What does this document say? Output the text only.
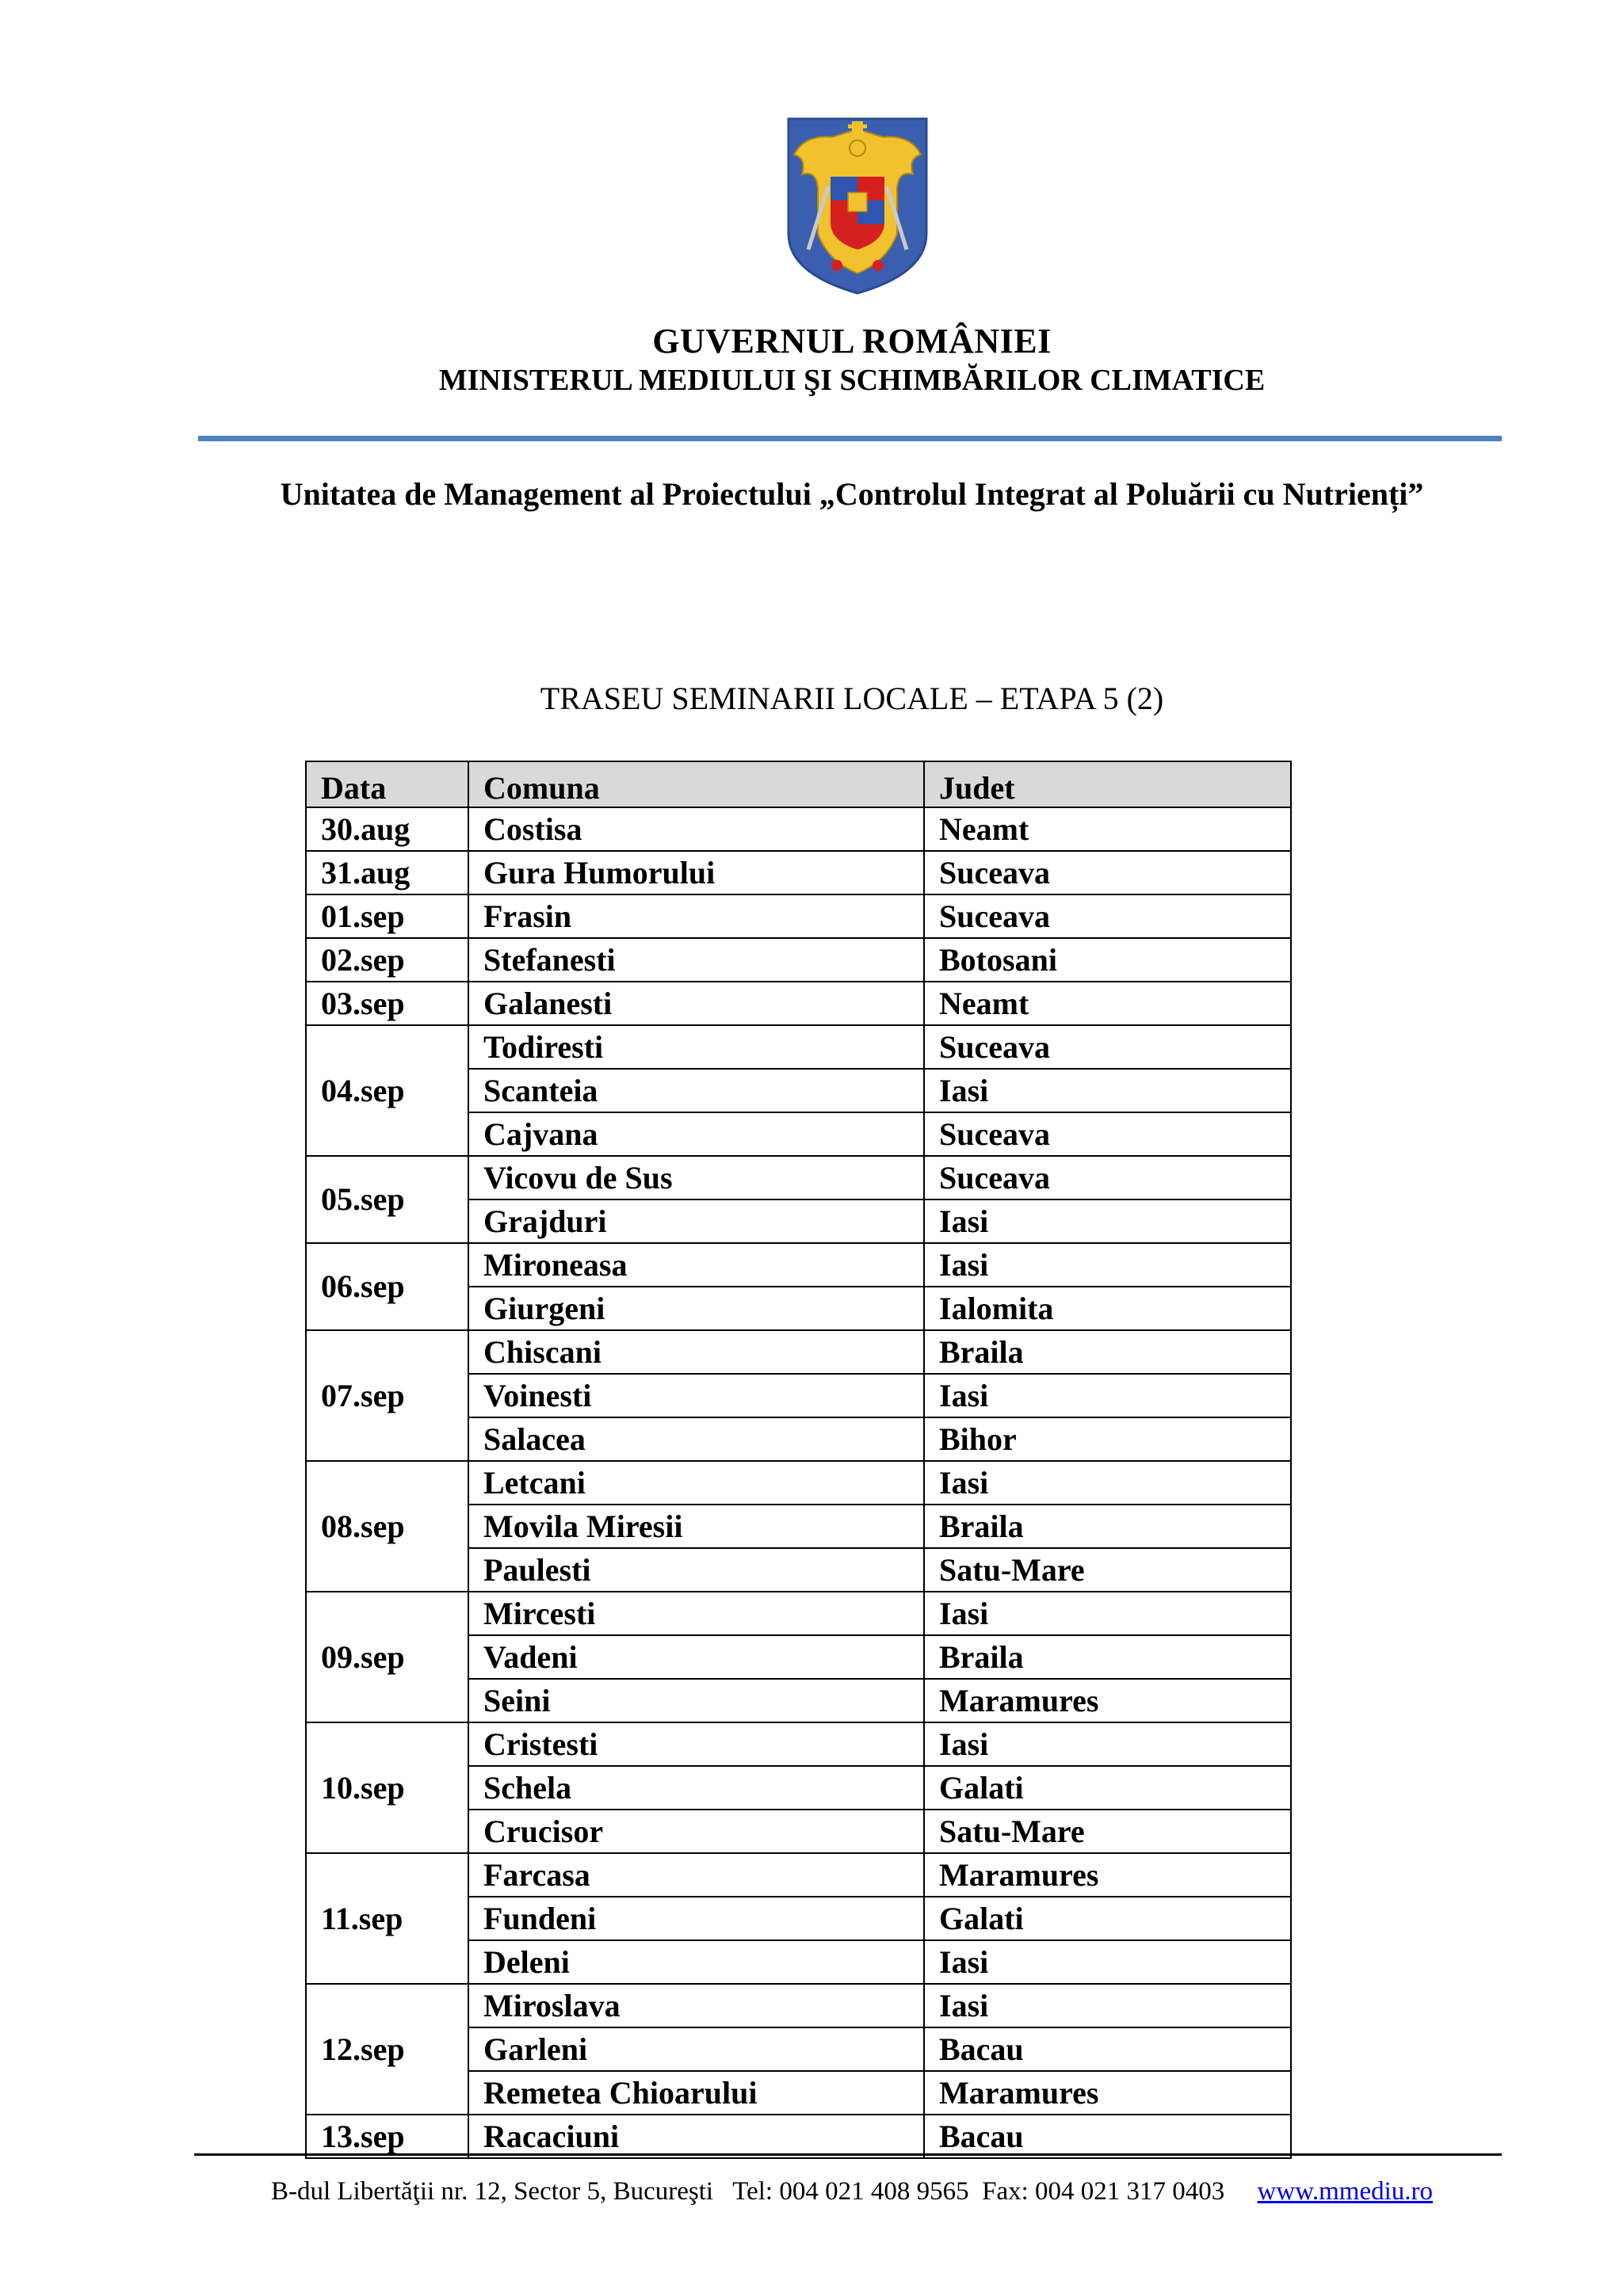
GUVERNUL ROMÂNIEI
MINISTERUL MEDIULUI ŞI SCHIMBĂRILOR CLIMATICE
Unitatea de Management al Proiectului „Controlul Integrat al Poluării cu Nutrienți”
TRASEU SEMINARII LOCALE – ETAPA 5 (2)
Data	Comuna	Judet
30.aug	Costisa	Neamt
31.aug	Gura Humorului	Suceava
01.sep	Frasin	Suceava
02.sep	Stefanesti	Botosani
03.sep	Galanesti	Neamt
04.sep	Todiresti	Suceava
	Scanteia	Iasi
	Cajvana	Suceava
05.sep	Vicovu de Sus	Suceava
	Grajduri	Iasi
06.sep	Mironeasa	Iasi
	Giurgeni	Ialomita
07.sep	Chiscani	Braila
	Voinesti	Iasi
	Salacea	Bihor
08.sep	Letcani	Iasi
	Movila Miresii	Braila
	Paulesti	Satu-Mare
09.sep	Mircesti	Iasi
	Vadeni	Braila
	Seini	Maramures
10.sep	Cristesti	Iasi
	Schela	Galati
	Crucisor	Satu-Mare
11.sep	Farcasa	Maramures
	Fundeni	Galati
	Deleni	Iasi
12.sep	Miroslava	Iasi
	Garleni	Bacau
	Remetea Chioarului	Maramures
13.sep	Racaciuni	Bacau
B-dul Libertăţii nr. 12, Sector 5, Bucureşti Tel: 004 021 408 9565 Fax: 004 021 317 0403 www.mmediu.ro
